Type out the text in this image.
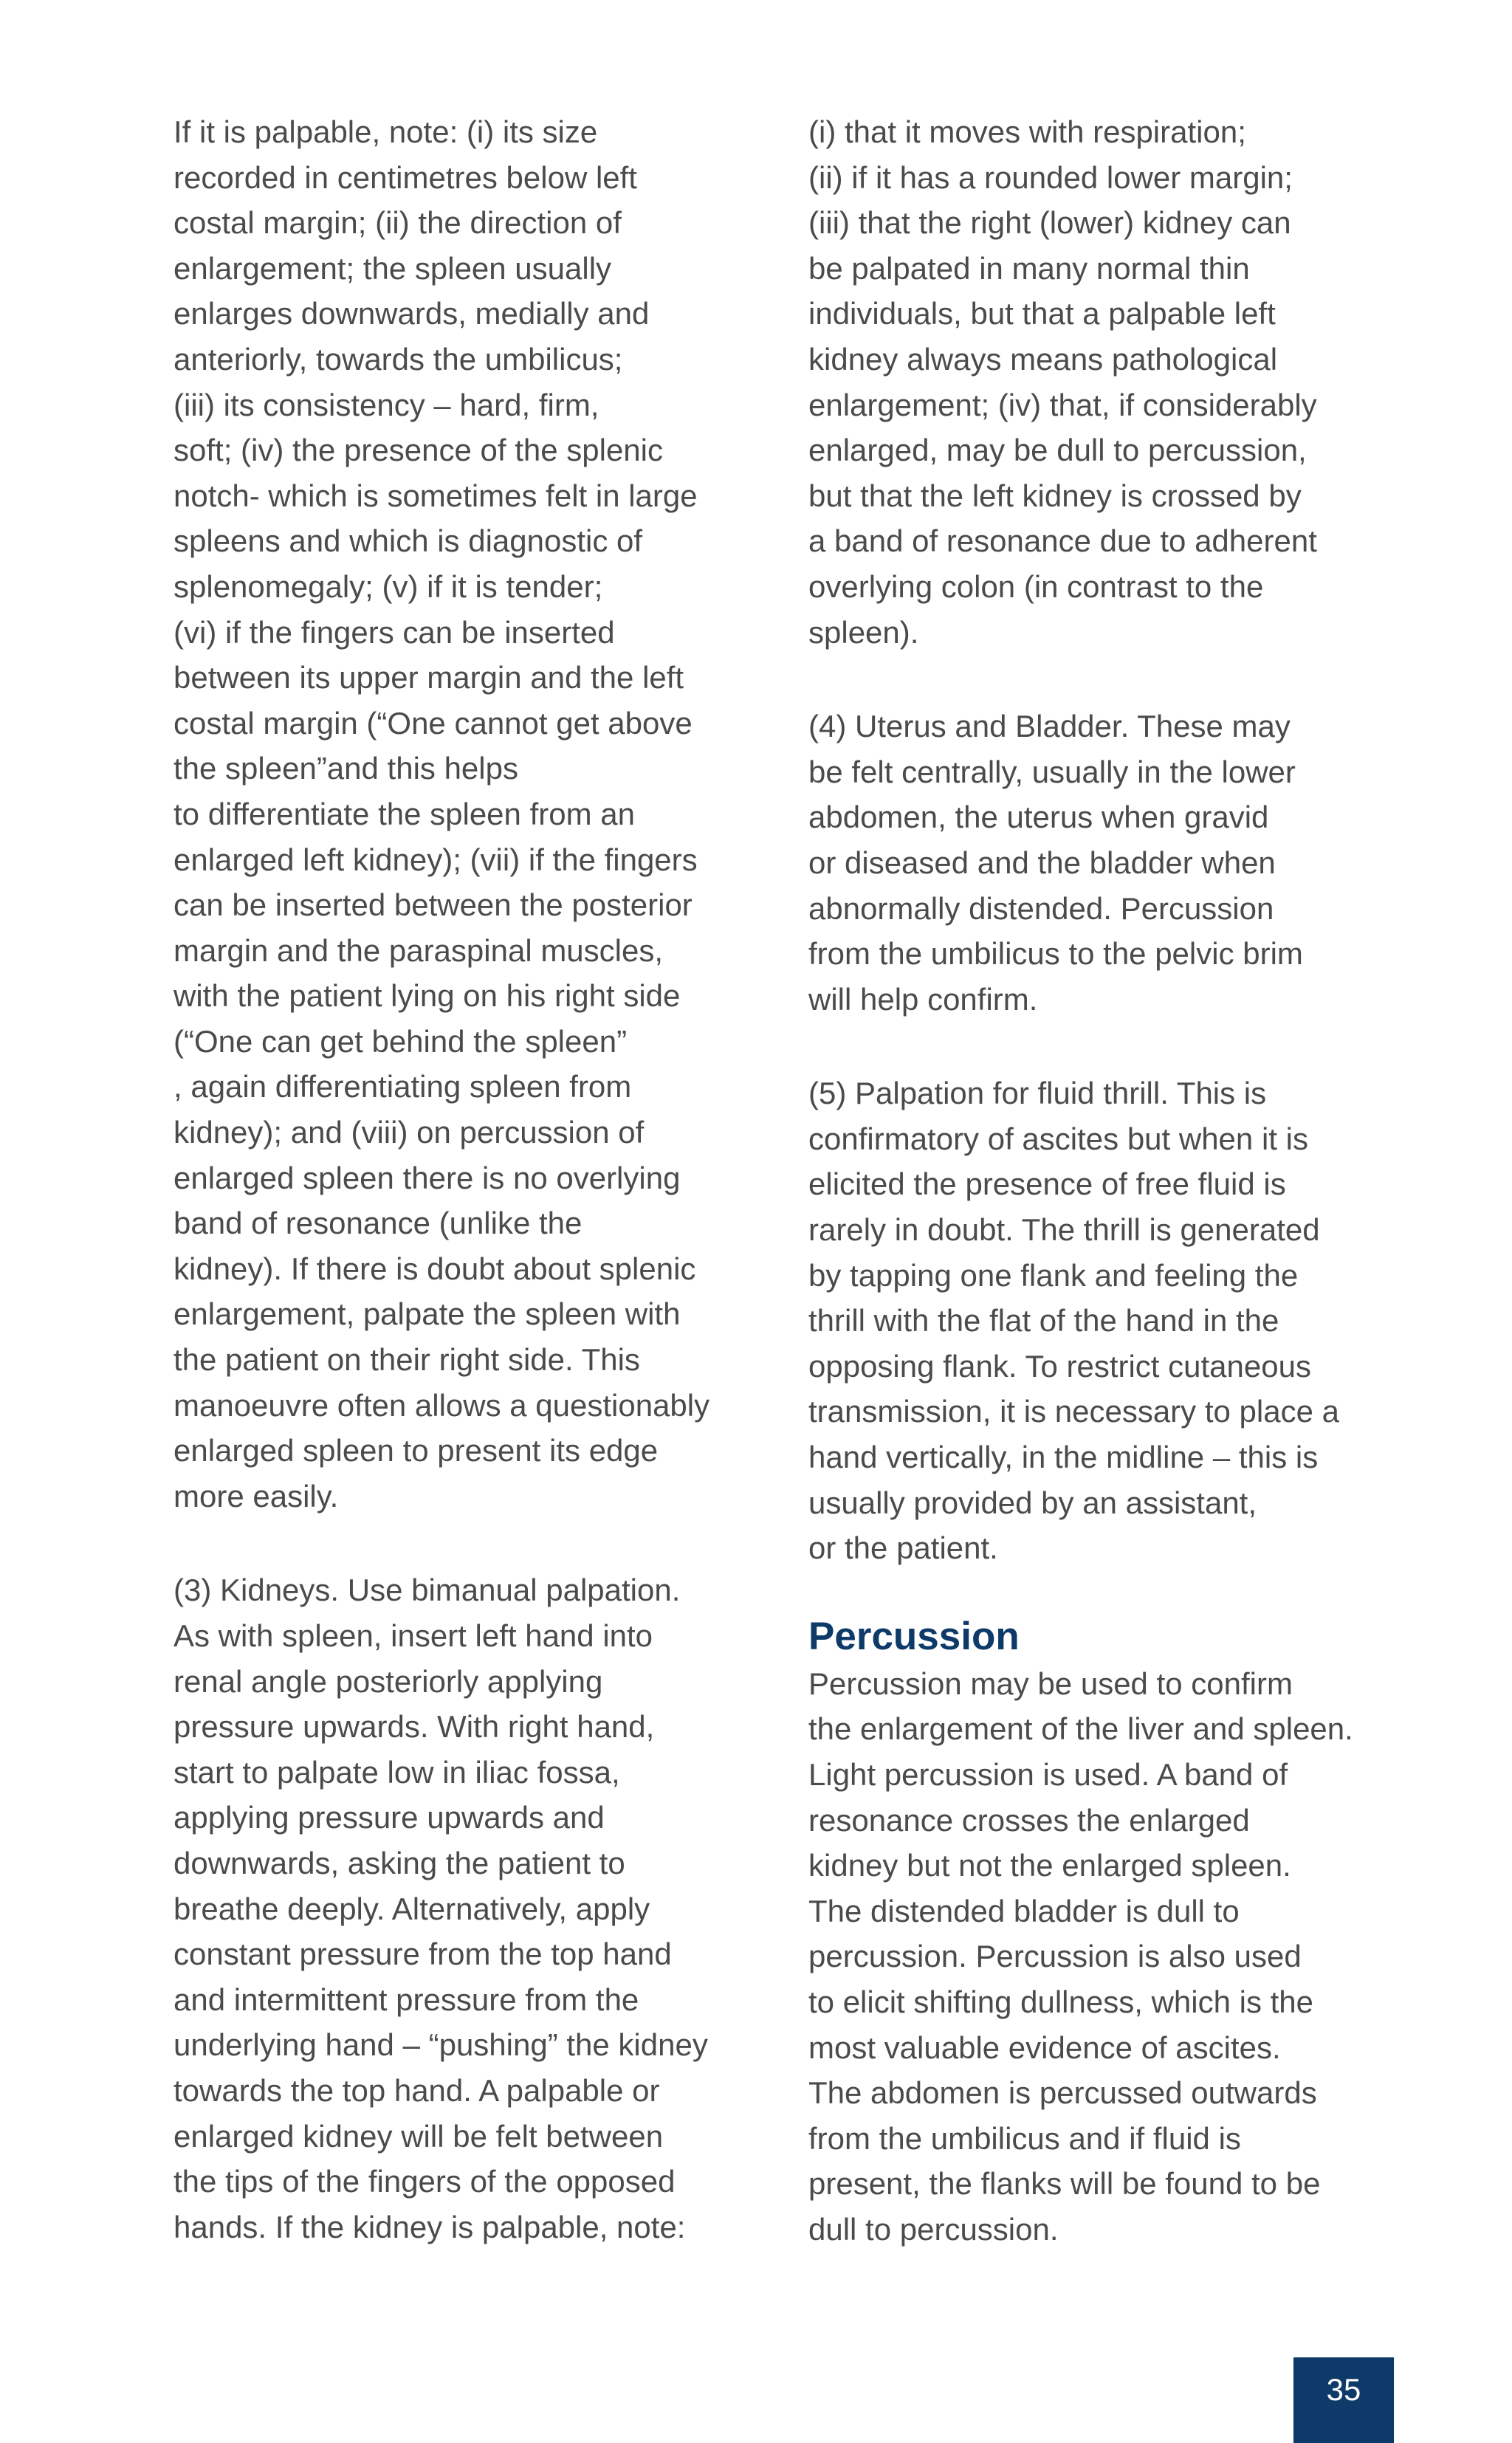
If it is palpable, note: (i) its size
recorded in centimetres below left
costal margin; (ii) the direction of
enlargement; the spleen usually
enlarges downwards, medially and
anteriorly, towards the umbilicus;
(iii) its consistency – hard, firm,
soft; (iv) the presence of the splenic
notch- which is sometimes felt in large
spleens and which is diagnostic of
splenomegaly; (v) if it is tender;
(vi) if the fingers can be inserted
between its upper margin and the left
costal margin (“One cannot get above
the spleen”and this helps
to differentiate the spleen from an
enlarged left kidney); (vii) if the fingers
can be inserted between the posterior
margin and the paraspinal muscles,
with the patient lying on his right side
(“One can get behind the spleen”
, again differentiating spleen from
kidney); and (viii) on percussion of
enlarged spleen there is no overlying
band of resonance (unlike the
kidney). If there is doubt about splenic
enlargement, palpate the spleen with
the patient on their right side. This
manoeuvre often allows a questionably
enlarged spleen to present its edge
more easily.
(3) Kidneys. Use bimanual palpation.
As with spleen, insert left hand into
renal angle posteriorly applying
pressure upwards. With right hand,
start to palpate low in iliac fossa,
applying pressure upwards and
downwards, asking the patient to
breathe deeply. Alternatively, apply
constant pressure from the top hand
and intermittent pressure from the
underlying hand – “pushing” the kidney
towards the top hand. A palpable or
enlarged kidney will be felt between
the tips of the fingers of the opposed
hands. If the kidney is palpable, note:
(i) that it moves with respiration;
(ii) if it has a rounded lower margin;
(iii) that the right (lower) kidney can
be palpated in many normal thin
individuals, but that a palpable left
kidney always means pathological
enlargement; (iv) that, if considerably
enlarged, may be dull to percussion,
but that the left kidney is crossed by
a band of resonance due to adherent
overlying colon (in contrast to the
spleen).
(4) Uterus and Bladder. These may
be felt centrally, usually in the lower
abdomen, the uterus when gravid
or diseased and the bladder when
abnormally distended. Percussion
from the umbilicus to the pelvic brim
will help confirm.
(5) Palpation for fluid thrill. This is
confirmatory of ascites but when it is
elicited the presence of free fluid is
rarely in doubt. The thrill is generated
by tapping one flank and feeling the
thrill with the flat of the hand in the
opposing flank. To restrict cutaneous
transmission, it is necessary to place a
hand vertically, in the midline – this is
usually provided by an assistant,
or the patient.
Percussion
Percussion may be used to confirm
the enlargement of the liver and spleen.
Light percussion is used. A band of
resonance crosses the enlarged
kidney but not the enlarged spleen.
The distended bladder is dull to
percussion. Percussion is also used
to elicit shifting dullness, which is the
most valuable evidence of ascites.
The abdomen is percussed outwards
from the umbilicus and if fluid is
present, the flanks will be found to be
dull to percussion.
35
